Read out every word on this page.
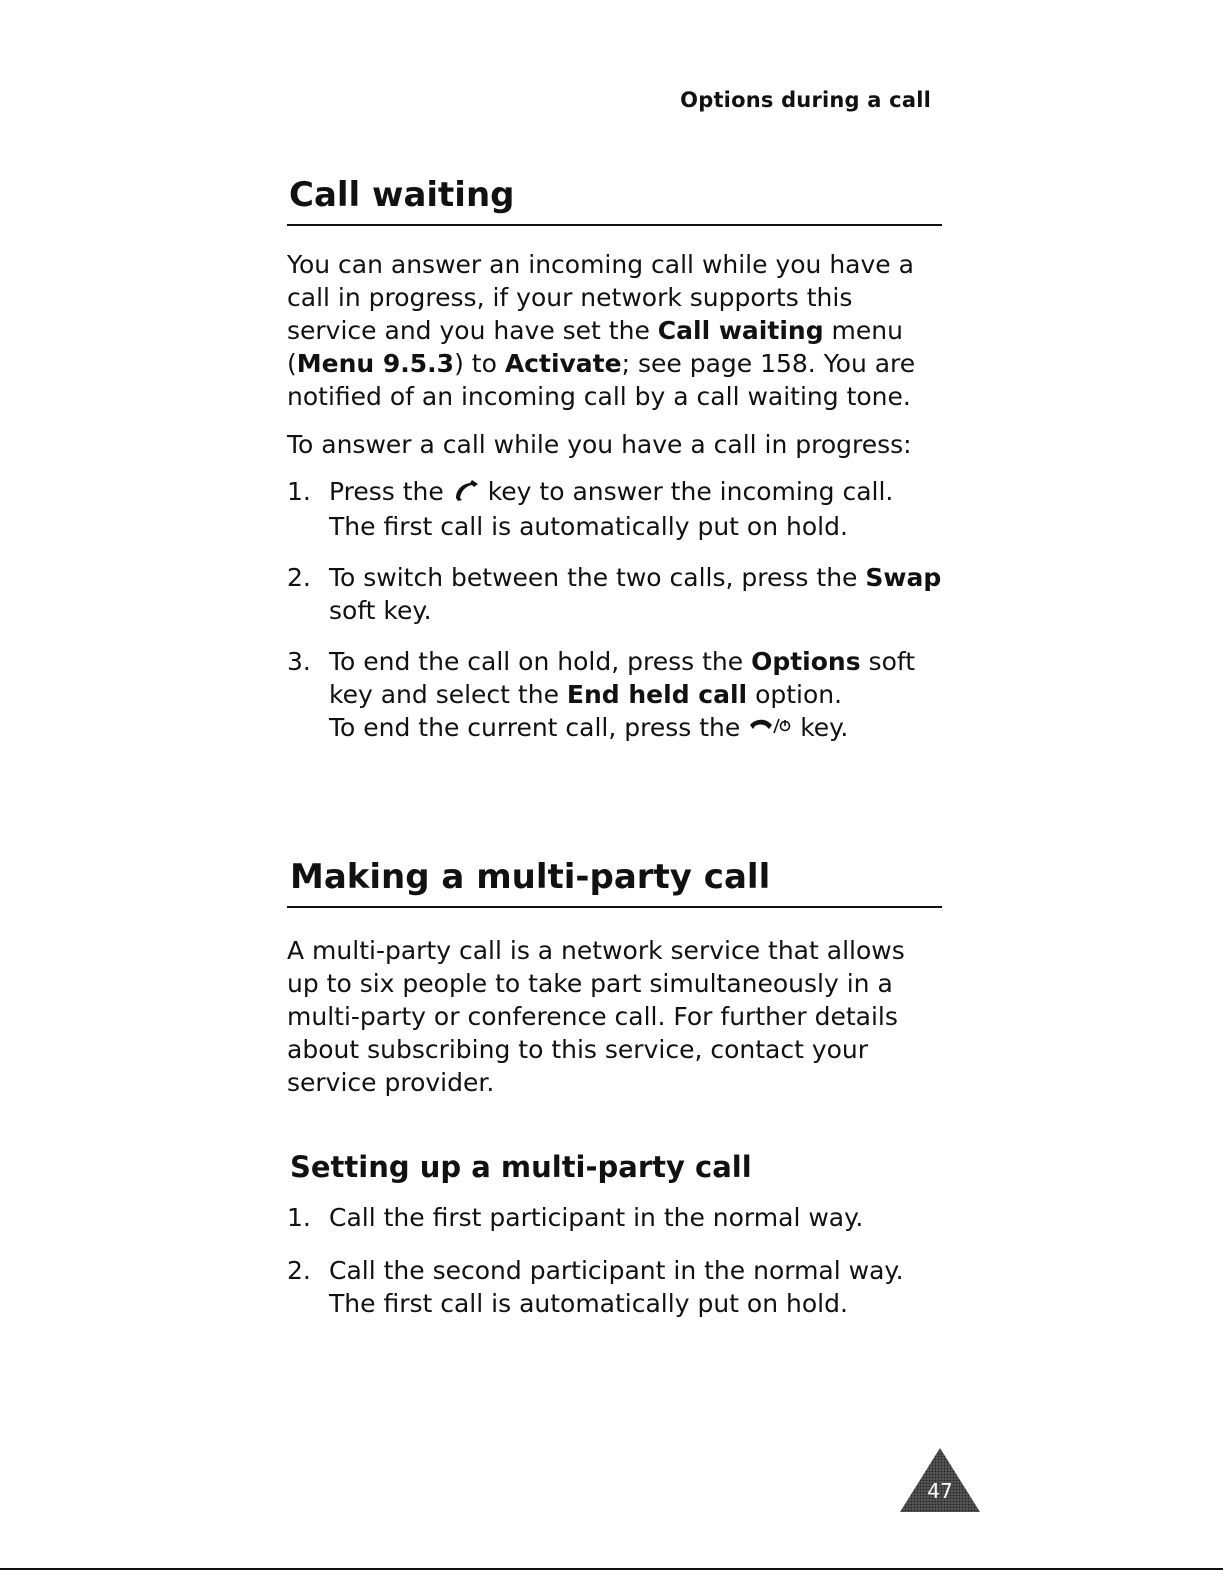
Options during a call
Call waiting

You can answer an incoming call while you have a call in progress, if your network supports this service and you have set the Call waiting menu (Menu 9.5.3) to Activate; see page 158. You are notified of an incoming call by a call waiting tone.

To answer a call while you have a call in progress:

1. Press the key to answer the incoming call. The first call is automatically put on hold.
2. To switch between the two calls, press the Swap soft key.
3. To end the call on hold, press the Options soft key and select the End held call option.

To end the current call, press the key.

Making a multi-party call

A multi-party call is a network service that allows up to six people to take part simultaneously in a multi-party or conference call. For further details about subscribing to this service, contact your service provider.

Setting up a multi-party call
1. Call the first participant in the normal way.
2. Call the second participant in the normal way. The first call is automatically put on hold.
47
